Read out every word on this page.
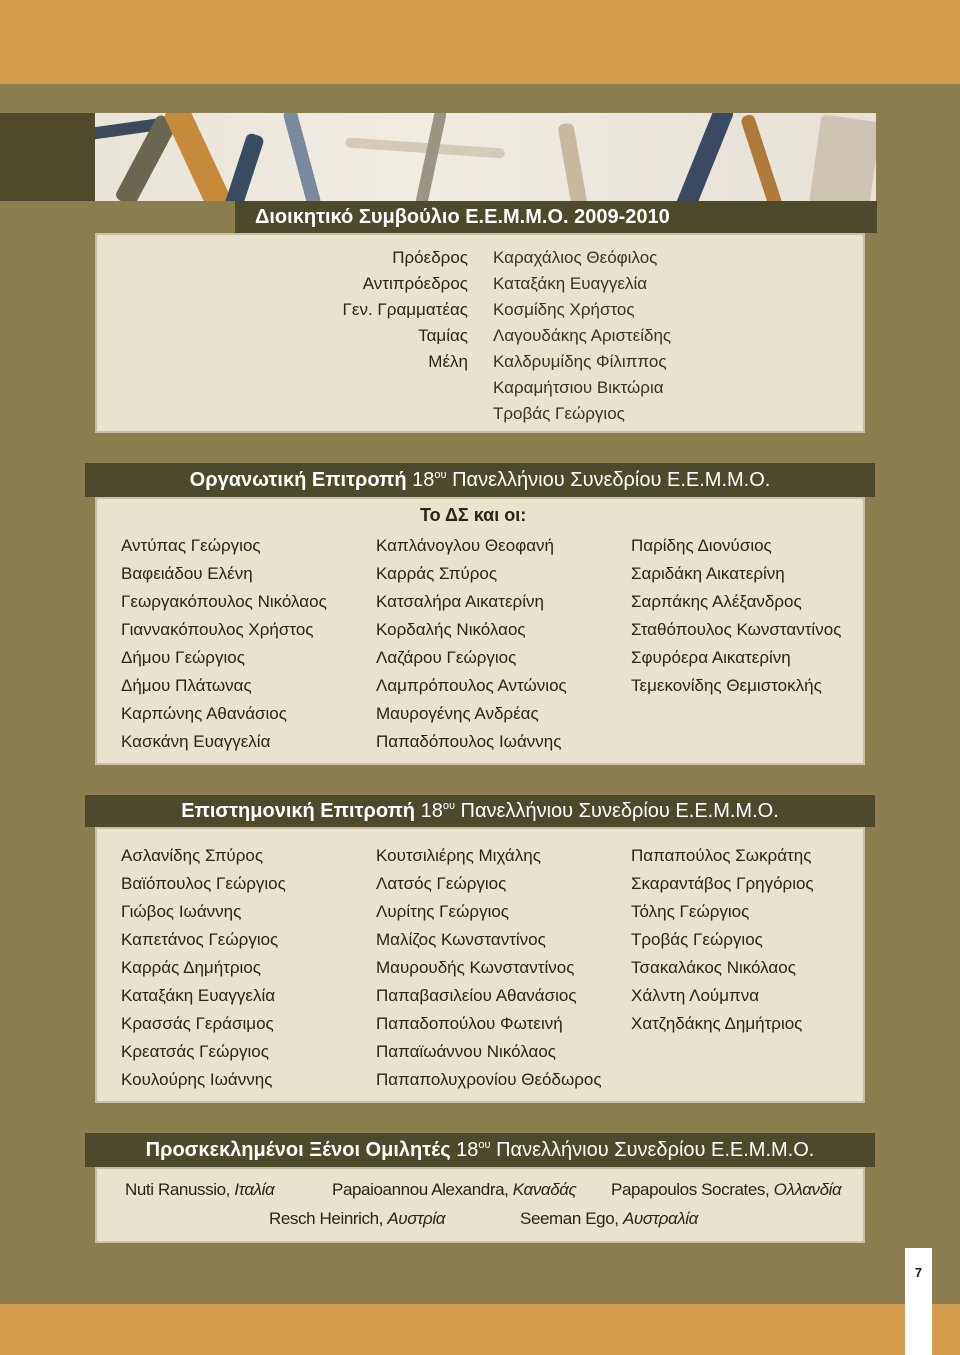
Διοικητικό Συμβούλιο Ε.Ε.Μ.Μ.Ο. 2009-2010
Πρόεδρος Καραχάλιος Θεόφιλος
Αντιπρόεδρος Καταξάκη Ευαγγελία
Γεν. Γραμματέας Κοσμίδης Χρήστος
Ταμίας Λαγουδάκης Αριστείδης
Μέλη Καλδρυμίδης Φίλιππος
Καραμήτσιου Βικτώρια
Τροβάς Γεώργιος
Οργανωτική Επιτροπή $18^{o\upsilon}$ Πανελλήνιου Συνεδρίου Ε.Ε.Μ.Μ.Ο.
Το ΔΣ και οι:
Αντύπας Γεώργιος
Βαφειάδου Ελένη
Γεωργακόπουλος Νικόλαος
Γιαννακόπουλος Χρήστος
Δήμου Γεώργιος
Δήμου Πλάτωνας
Καρπώνης Αθανάσιος
Κασκάνη Ευαγγελία
Καπλάνογλου Θεοφανή
Καρράς Σπύρος
Κατσαλήρα Αικατερίνη
Κορδαλής Νικόλαος
Λαζάρου Γεώργιος
Λαμπρόπουλος Αντώνιος
Μαυρογένης Ανδρέας
Παπαδόπουλος Ιωάννης
Παρίδης Διονύσιος
Σαριδάκη Αικατερίνη
Σαρπάκης Αλέξανδρος
Σταθόπουλος Κωνσταντίνος
Σφυρόερα Αικατερίνη
Τεμεκονίδης Θεμιστοκλής
Επιστημονική Επιτροπή $18^{o\upsilon}$ Πανελλήνιου Συνεδρίου Ε.Ε.Μ.Μ.Ο.
Ασλανίδης Σπύρος
Βαϊόπουλος Γεώργιος
Γιώβος Ιωάννης
Καπετάνος Γεώργιος
Καρράς Δημήτριος
Καταξάκη Ευαγγελία
Κρασσάς Γεράσιμος
Κρεατσάς Γεώργιος
Κουλούρης Ιωάννης
Κουτσιλιέρης Μιχάλης
Λατσός Γεώργιος
Λυρίτης Γεώργιος
Μαλίζος Κωνσταντίνος
Μαυρουδής Κωνσταντίνος
Παπαβασιλείου Αθανάσιος
Παπαδοπούλου Φωτεινή
Παπαϊωάννου Νικόλαος
Παπαπολυχρονίου Θεόδωρος
Παπαπούλος Σωκράτης
Σκαραντάβος Γρηγόριος
Τόλης Γεώργιος
Τροβάς Γεώργιος
Τσακαλάκος Νικόλαος
Χάλντη Λούμπνα
Χατζηδάκης Δημήτριος
Προσκεκλημένοι Ξένοι Ομιλητές $18^{o\upsilon}$ Πανελλήνιου Συνεδρίου Ε.Ε.Μ.Μ.Ο.
Nuti Ranussio, Ιταλία	Papaioannou Alexandra, Καναδάς Papapoulos Socrates, Ολλανδία
Resch Heinrich, Αυστρία	Seeman Ego, Αυστραλία
7
